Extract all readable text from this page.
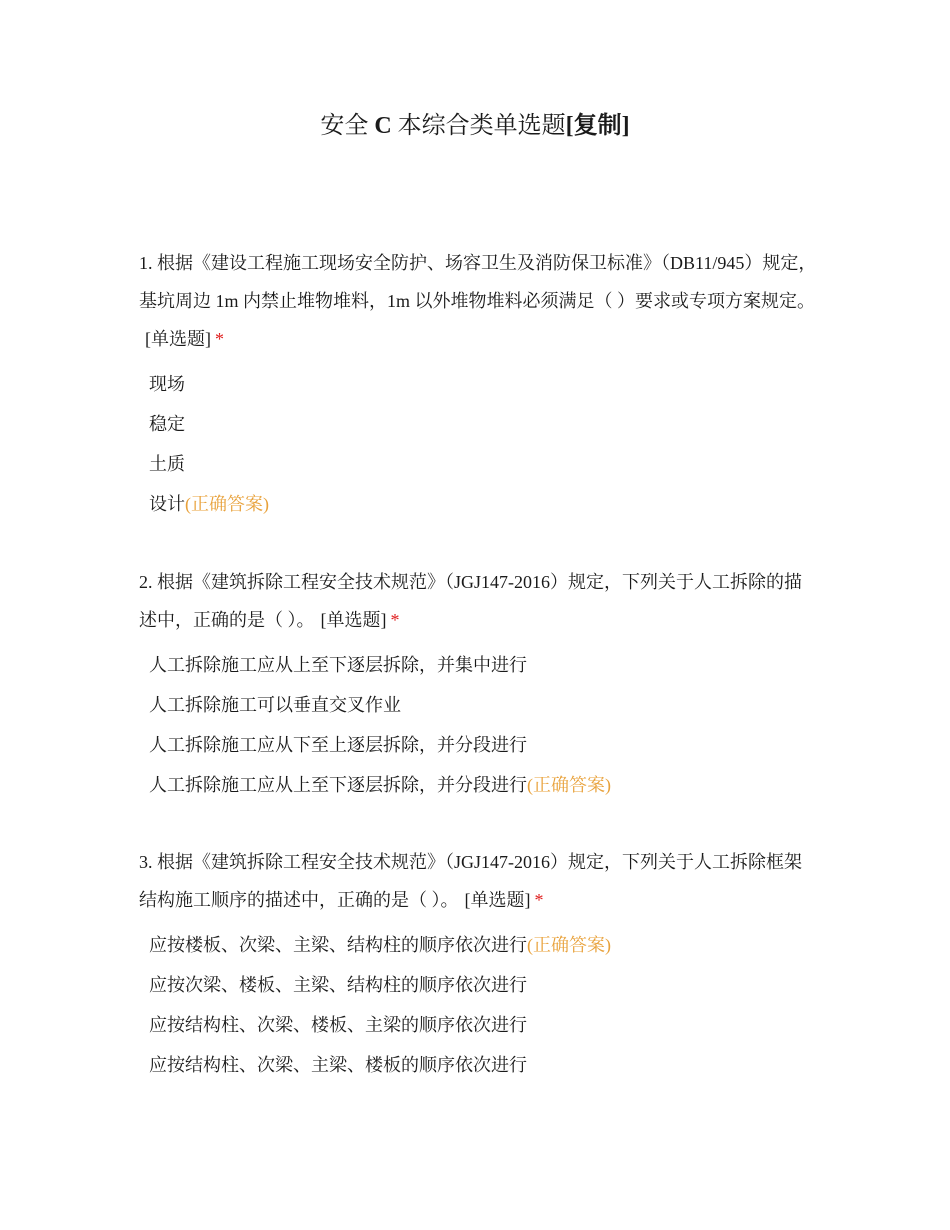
安全 C 本综合类单选题[复制]

1. 根据《建设工程施工现场安全防护、场容卫生及消防保卫标准》（DB11/945）规定，基坑周边 1m 内禁止堆物堆料，1m 以外堆物堆料必须满足（ ）要求或专项方案规定。[单选题] *

现场
稳定
土质
设计(正确答案)

2. 根据《建筑拆除工程安全技术规范》（JGJ147-2016）规定，下列关于人工拆除的描述中，正确的是（ ）。 [单选题] *

人工拆除施工应从上至下逐层拆除，并集中进行
人工拆除施工可以垂直交叉作业
人工拆除施工应从下至上逐层拆除，并分段进行
人工拆除施工应从上至下逐层拆除，并分段进行(正确答案)

3. 根据《建筑拆除工程安全技术规范》（JGJ147-2016）规定，下列关于人工拆除框架结构施工顺序的描述中，正确的是（ ）。 [单选题] *

应按楼板、次梁、主梁、结构柱的顺序依次进行(正确答案)
应按次梁、楼板、主梁、结构柱的顺序依次进行
应按结构柱、次梁、楼板、主梁的顺序依次进行
应按结构柱、次梁、主梁、楼板的顺序依次进行
